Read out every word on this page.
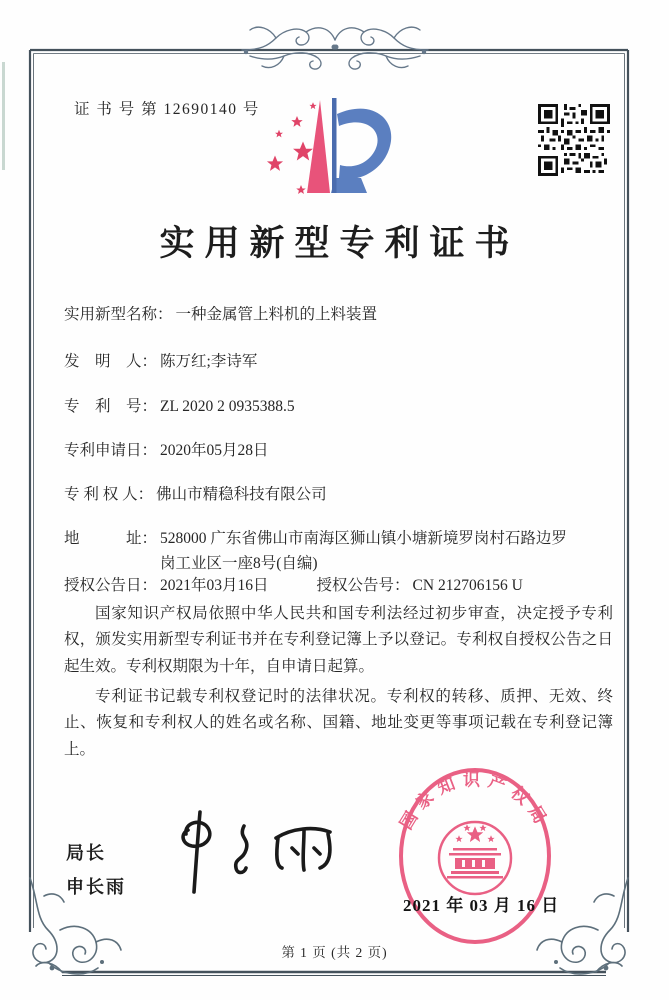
证 书 号 第 12690140 号
实用新型专利证书
实用新型名称： 一种金属管上料机的上料装置
发　明　人： 陈万红;李诗军
专　利　号： ZL 2020 2 0935388.5
专利申请日： 2020年05月28日
专 利 权 人： 佛山市精稳科技有限公司
地　　　址： 528000 广东省佛山市南海区狮山镇小塘新境罗岗村石路边罗岗工业区一座8号(自编)
授权公告日： 2021年03月16日	授权公告号： CN 212706156 U

国家知识产权局依照中华人民共和国专利法经过初步审查，决定授予专利权，颁发实用新型专利证书并在专利登记簿上予以登记。专利权自授权公告之日起生效。专利权期限为十年，自申请日起算。

专利证书记载专利权登记时的法律状况。专利权的转移、质押、无效、终止、恢复和专利权人的姓名或名称、国籍、地址变更等事项记载在专利登记簿上。

局长
申长雨
国家知识产权局
2021 年 03 月 16 日
第 1 页 (共 2 页)
